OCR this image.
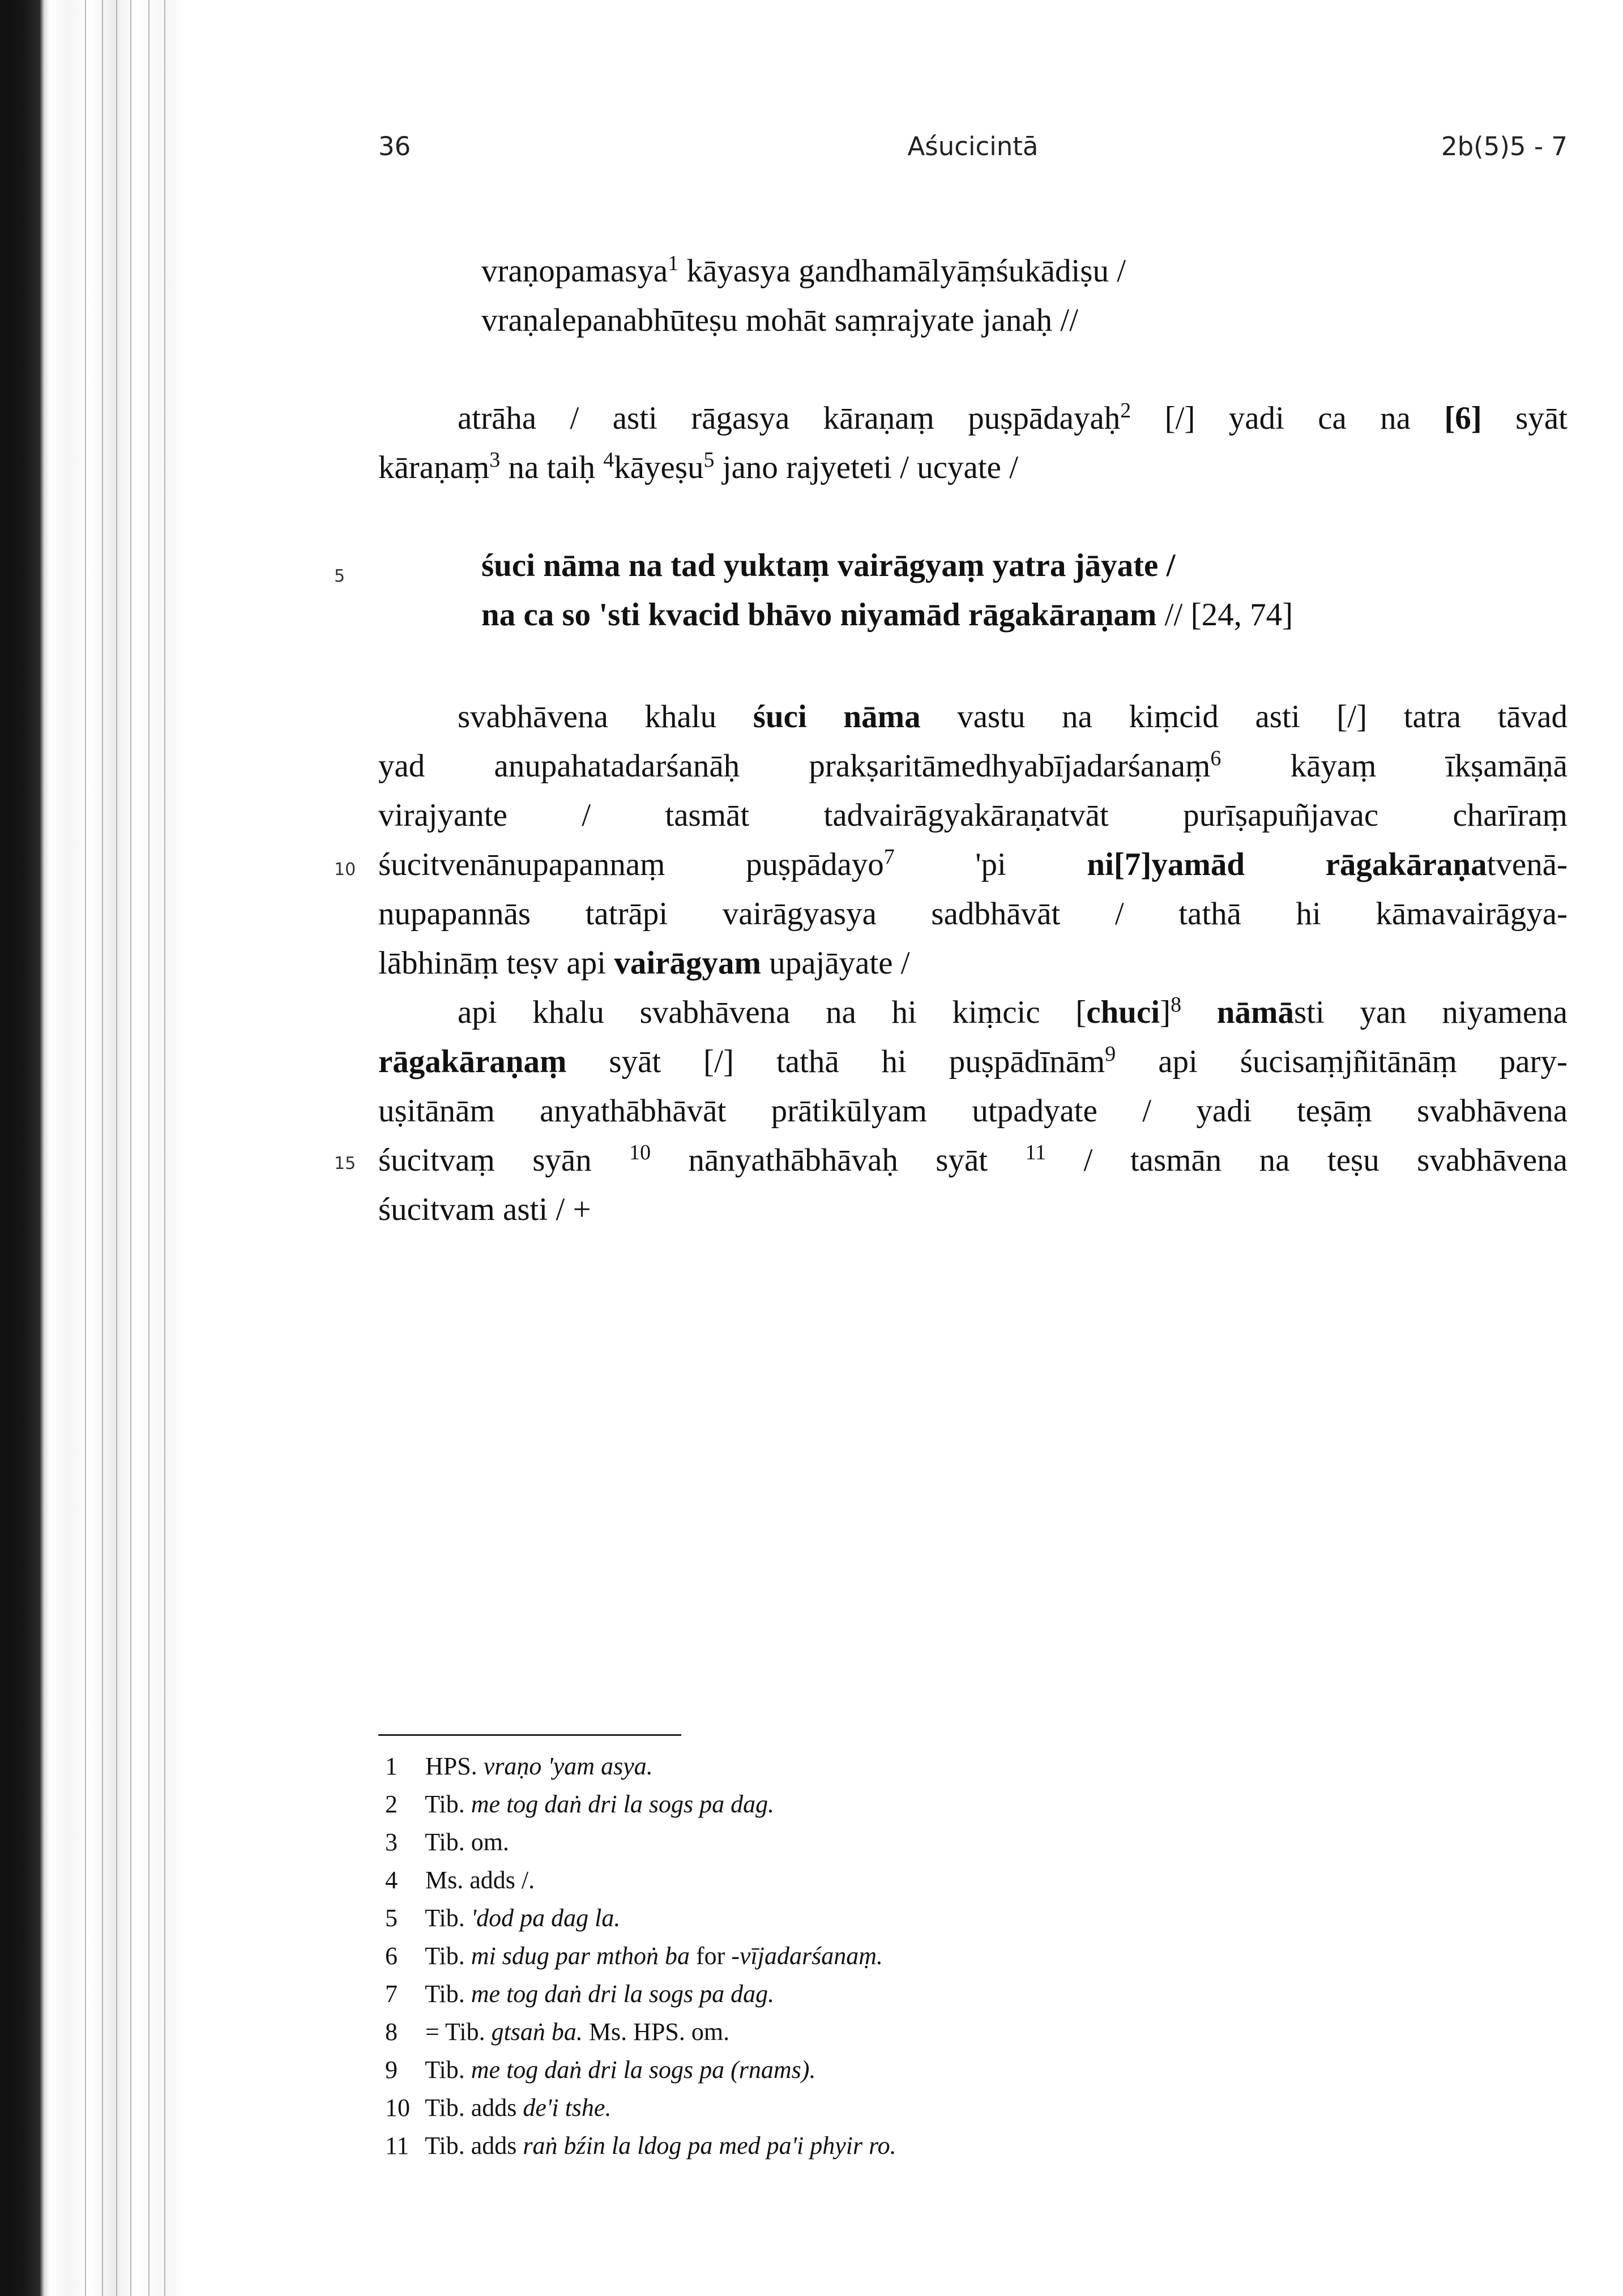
36	Aśucicintā	2b(5)5 - 7
vraṇopamasya$^1$ kāyasya gandhamālyāṃśukādiṣu /
vraṇalepanabhūteṣu mohāt saṃrajyate janaḥ //
atrāha / asti rāgasya kāraṇaṃ puṣpādayaḥ$^2$ [/] yadi ca na [6] syāt
kāraṇaṃ$^3$ na taiḥ $^4$kāyeṣu$^5$ jano rajyeteti / ucyate /
5	śuci nāma na tad yuktaṃ vairāgyaṃ yatra jāyate /
na ca so 'sti kvacid bhāvo niyamād rāgakāraṇam // [24, 74]
10
svabhāvena khalu śuci nāma vastu na kiṃcid asti [/] tatra tāvad
yad anupahatadarśanāḥ prakṣaritāmedhyabījadarśanaṃ$^6$ kāyaṃ īkṣamāṇā
virajyante / tasmāt tadvairāgyakāraṇatvāt purīṣapuñjavac charīraṃ
śucitvenānupapannaṃ puṣpādayo$^7$	'pi	ni[7]yamād rāgakāraṇatvenā-
nupapannās tatrāpi vairāgyasya sadbhāvāt / tathā hi kāmavairāgya-
lābhināṃ teṣv api vairāgyam upajāyate /
15
api khalu svabhāvena na hi kiṃcic [chuci]$^8$ nāmāsti yan niyamena
rāgakāraṇaṃ syāt [/] tathā hi puṣpādīnām$^9$ api śucisaṃjñitānāṃ pary-
uṣitānām anyathābhāvāt prātikūlyam utpadyate / yadi teṣāṃ svabhāvena
śucitvaṃ syān $^{10}$ nānyathābhāvaḥ syāt $^{11}$ / tasmān na teṣu svabhāvena
śucitvam asti / +
1 HPS. vraṇo 'yam asya.
2 Tib. me tog daṅ dri la sogs pa dag.
3 Tib. om.
4 Ms. adds /.
5 Tib. 'dod pa dag la.
6 Tib. mi sdug par mthoṅ ba for -vījadarśanaṃ.
7 Tib. me tog daṅ dri la sogs pa dag.
8 = Tib. gtsaṅ ba. Ms. HPS. om.
9 Tib. me tog daṅ dri la sogs pa (rnams).
10 Tib. adds de'i tshe.
11 Tib. adds raṅ bźin la ldog pa med pa'i phyir ro.
